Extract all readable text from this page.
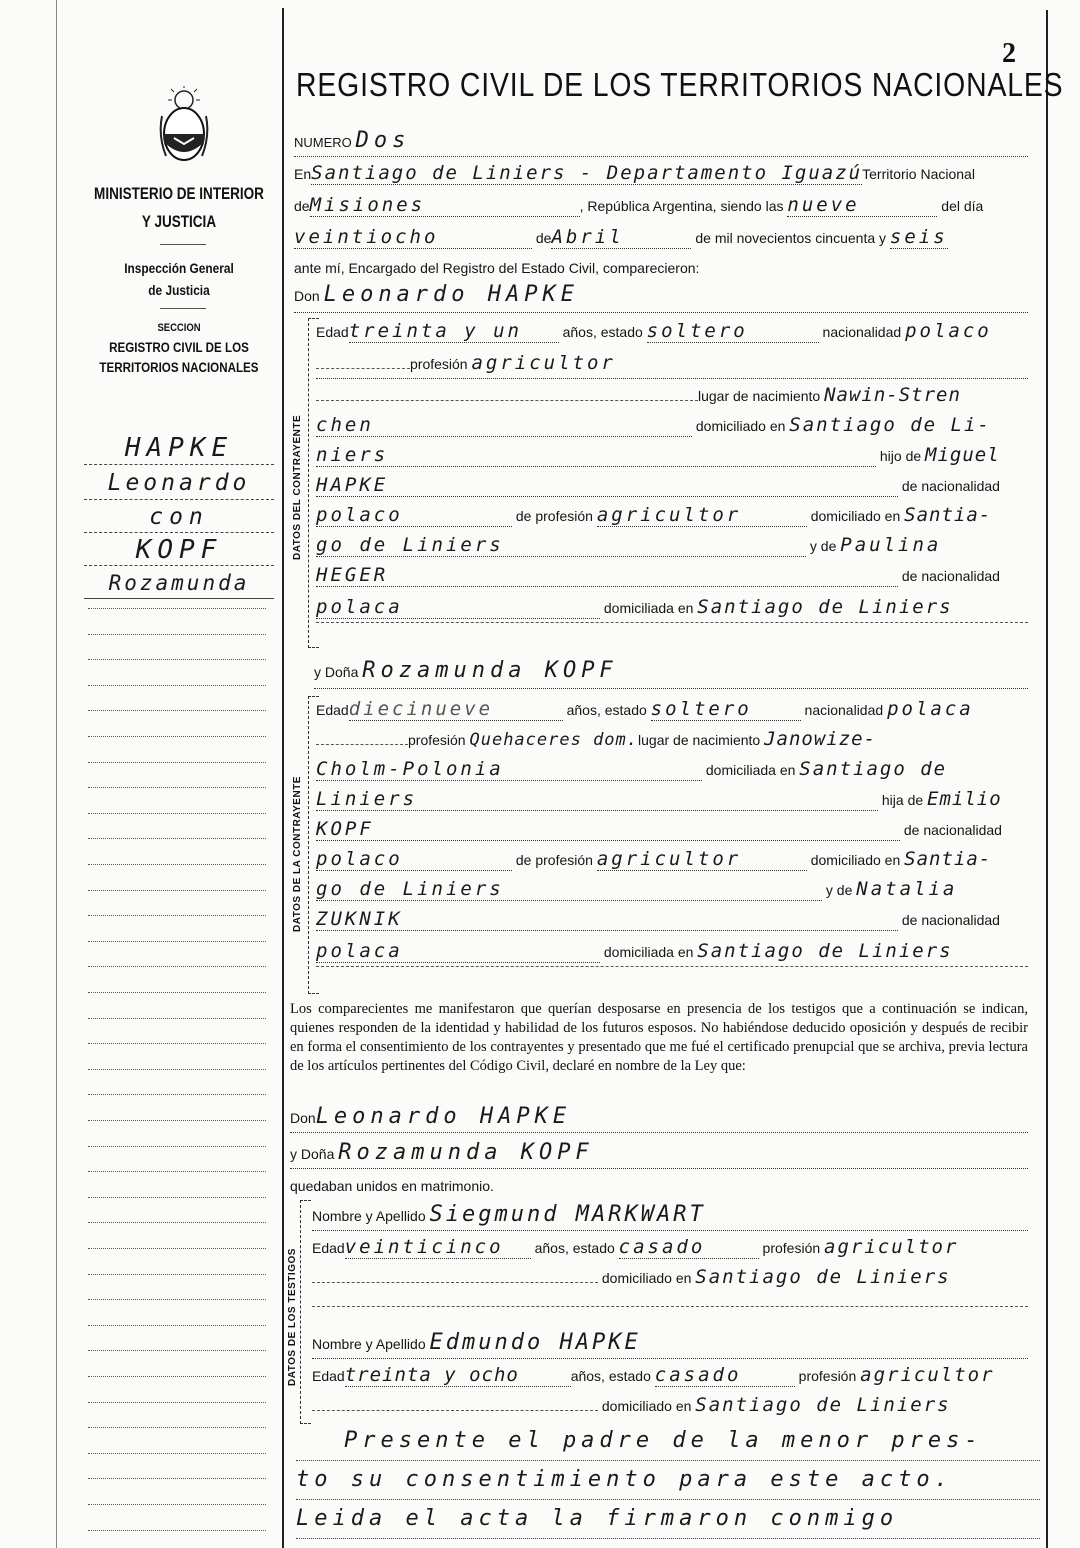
2
REGISTRO CIVIL DE LOS TERRITORIOS NACIONALES
MINISTERIO DE INTERIOR
Y JUSTICIA
Inspección General
de Justicia
SECCION
REGISTRO CIVIL DE LOS
TERRITORIOS NACIONALES
HAPKE
Leonardo
con
KOPF
Rozamunda
NUMERO Dos
EnSantiago de Liniers - Departamento IguazúTerritorio Nacional
deMisiones	, República Argentina, siendo las nueve	del día
veintiocho	deAbril	de mil novecientos cincuenta y seis
ante mí, Encargado del Registro del Estado Civil, comparecieron:
Don Leonardo HAPKE
DATOS DEL CONTRAYENTE
Edadtreinta y un	años, estado soltero	nacionalidad polaco
profesión agricultor
lugar de nacimiento Nawin-Stren
chen	domiciliado en Santiago de Li-
niers	hijo de Miguel
HAPKE	de nacionalidad
polaco	de profesión agricultor	domiciliado en Santia-
go de Liniers	y de Paulina
HEGER	de nacionalidad
polaca	domiciliada en Santiago de Liniers
y Doña Rozamunda KOPF
DATOS DE LA CONTRAYENTE
Edaddiecinueve	años, estado soltero	nacionalidad polaca
profesión Quehaceres dom.lugar de nacimiento Janowize-
Cholm-Polonia	domiciliada en Santiago de
Liniers	hija de Emilio
KOPF	de nacionalidad
polaco	de profesión agricultor	domiciliado en Santia-
go de Liniers	y de Natalia
ZUKNIK	de nacionalidad
polaca	domiciliada en Santiago de Liniers
Los comparecientes me manifestaron que querían desposarse en presencia de los testigos que a continuación se indican, quienes responden de la identidad y habilidad de los futuros esposos. No habiéndose deducido oposición y después de recibir en forma el consentimiento de los contrayentes y presentado que me fué el certificado prenupcial que se archiva, previa lectura de los artículos pertinentes del Código Civil, declaré en nombre de la Ley que:
DonLeonardo HAPKE
y Doña Rozamunda KOPF
quedaban unidos en matrimonio.
DATOS DE LOS TESTIGOS
Nombre y Apellido Siegmund MARKWART
Edadveinticinco años, estado casado	profesión agricultor
domiciliado en Santiago de Liniers
Nombre y Apellido Edmundo HAPKE
Edadtreinta y ocho	años, estado casado	profesión agricultor
domiciliado en Santiago de Liniers
Presente el padre de la menor pres-
to su consentimiento para este acto.
Leida el acta la firmaron conmigo
